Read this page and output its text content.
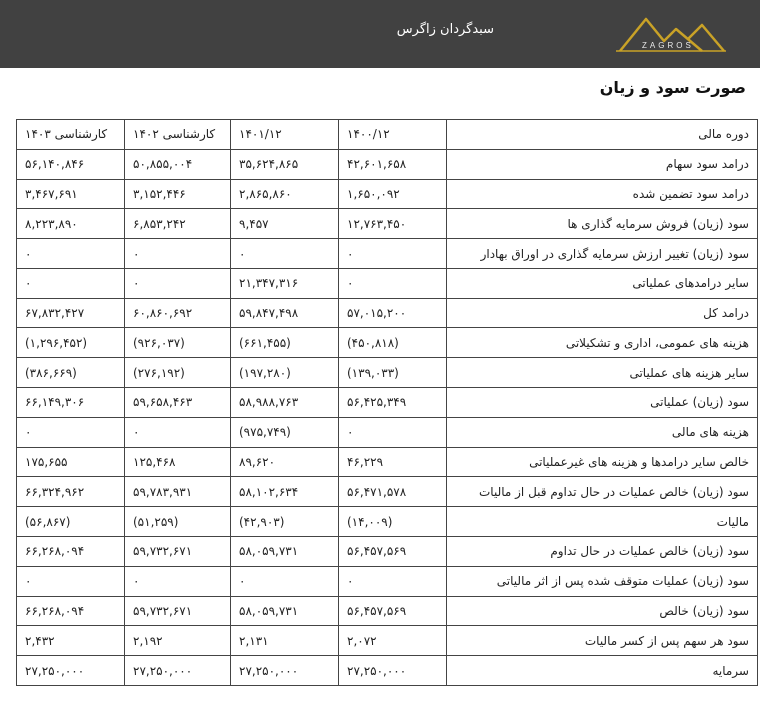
ZAGROS
سبدگردان زاگرس
صورت سود و زیان
دوره مالی	۱۴۰۰/۱۲	۱۴۰۱/۱۲	کارشناسی ۱۴۰۲	کارشناسی ۱۴۰۳
درامد سود سهام	۴۲,۶۰۱,۶۵۸	۳۵,۶۲۴,۸۶۵	۵۰,۸۵۵,۰۰۴	۵۶,۱۴۰,۸۴۶
درامد سود تضمین شده	۱,۶۵۰,۰۹۲	۲,۸۶۵,۸۶۰	۳,۱۵۲,۴۴۶	۳,۴۶۷,۶۹۱
سود (زیان) فروش سرمایه گذاری ها	۱۲,۷۶۳,۴۵۰	۹,۴۵۷	۶,۸۵۳,۲۴۲	۸,۲۲۳,۸۹۰
سود (زیان) تغییر ارزش سرمایه گذاری در اوراق بهادار	۰	۰	۰	۰
سایر درامدهای عملیاتی	۰	۲۱,۳۴۷,۳۱۶	۰	۰
درامد کل	۵۷,۰۱۵,۲۰۰	۵۹,۸۴۷,۴۹۸	۶۰,۸۶۰,۶۹۲	۶۷,۸۳۲,۴۲۷
هزینه های عمومی، اداری و تشکیلاتی	(۴۵۰,۸۱۸)	(۶۶۱,۴۵۵)	(۹۲۶,۰۳۷)	(۱,۲۹۶,۴۵۲)
سایر هزینه های عملیاتی	(۱۳۹,۰۳۳)	(۱۹۷,۲۸۰)	(۲۷۶,۱۹۲)	(۳۸۶,۶۶۹)
سود (زیان) عملیاتی	۵۶,۴۲۵,۳۴۹	۵۸,۹۸۸,۷۶۳	۵۹,۶۵۸,۴۶۳	۶۶,۱۴۹,۳۰۶
هزینه های مالی	۰	(۹۷۵,۷۴۹)	۰	۰
خالص سایر درامدها و هزینه های غیرعملیاتی	۴۶,۲۲۹	۸۹,۶۲۰	۱۲۵,۴۶۸	۱۷۵,۶۵۵
سود (زیان) خالص عملیات در حال تداوم قبل از مالیات	۵۶,۴۷۱,۵۷۸	۵۸,۱۰۲,۶۳۴	۵۹,۷۸۳,۹۳۱	۶۶,۳۲۴,۹۶۲
مالیات	(۱۴,۰۰۹)	(۴۲,۹۰۳)	(۵۱,۲۵۹)	(۵۶,۸۶۷)
سود (زیان) خالص عملیات در حال تداوم	۵۶,۴۵۷,۵۶۹	۵۸,۰۵۹,۷۳۱	۵۹,۷۳۲,۶۷۱	۶۶,۲۶۸,۰۹۴
سود (زیان) عملیات متوقف شده پس از اثر مالیاتی	۰	۰	۰	۰
سود (زیان) خالص	۵۶,۴۵۷,۵۶۹	۵۸,۰۵۹,۷۳۱	۵۹,۷۳۲,۶۷۱	۶۶,۲۶۸,۰۹۴
سود هر سهم پس از کسر مالیات	۲,۰۷۲	۲,۱۳۱	۲,۱۹۲	۲,۴۳۲
سرمایه	۲۷,۲۵۰,۰۰۰	۲۷,۲۵۰,۰۰۰	۲۷,۲۵۰,۰۰۰	۲۷,۲۵۰,۰۰۰
